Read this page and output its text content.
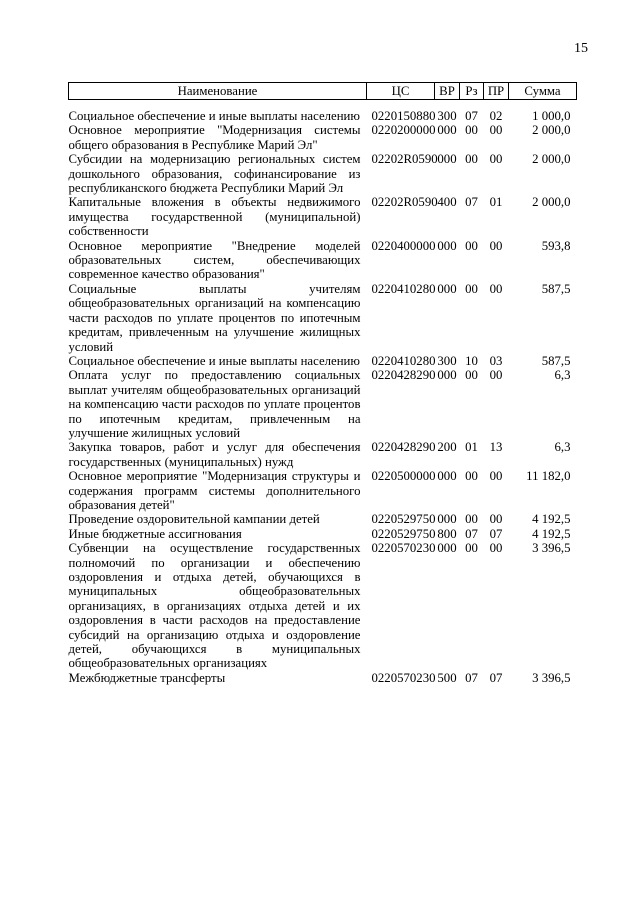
15
Наименование	ЦС	ВР	Рз	ПР	Сумма
Социальное обеспечение и иные выплаты населению	0220150880	300	07	02	1 000,0
Основное мероприятие "Модернизация системы общего образования в Республике Марий Эл"	0220200000	000	00	00	2 000,0
Субсидии на модернизацию региональных систем дошкольного образования, софинансирование из республиканского бюджета Республики Марий Эл	02202R0590	000	00	00	2 000,0
Капитальные вложения в объекты недвижимого имущества государственной (муниципальной) собственности	02202R0590	400	07	01	2 000,0
Основное мероприятие "Внедрение моделей образовательных систем, обеспечивающих современное качество образования"	0220400000	000	00	00	593,8
Социальные выплаты учителям общеобразовательных организаций на компенсацию части расходов по уплате процентов по ипотечным кредитам, привлеченным на улучшение жилищных условий	0220410280	000	00	00	587,5
Социальное обеспечение и иные выплаты населению	0220410280	300	10	03	587,5
Оплата услуг по предоставлению социальных выплат учителям общеобразовательных организаций на компенсацию части расходов по уплате процентов по ипотечным кредитам, привлеченным на улучшение жилищных условий	0220428290	000	00	00	6,3
Закупка товаров, работ и услуг для обеспечения государственных (муниципальных) нужд	0220428290	200	01	13	6,3
Основное мероприятие "Модернизация структуры и содержания программ системы дополнительного образования детей"	0220500000	000	00	00	11 182,0
Проведение оздоровительной кампании детей	0220529750	000	00	00	4 192,5
Иные бюджетные ассигнования	0220529750	800	07	07	4 192,5
Субвенции на осуществление государственных полномочий по организации и обеспечению оздоровления и отдыха детей, обучающихся в муниципальных общеобразовательных организациях, в организациях отдыха детей и их оздоровления в части расходов на предоставление субсидий на организацию отдыха и оздоровление детей, обучающихся в муниципальных общеобразовательных организациях	0220570230	000	00	00	3 396,5
Межбюджетные трансферты	0220570230	500	07	07	3 396,5
